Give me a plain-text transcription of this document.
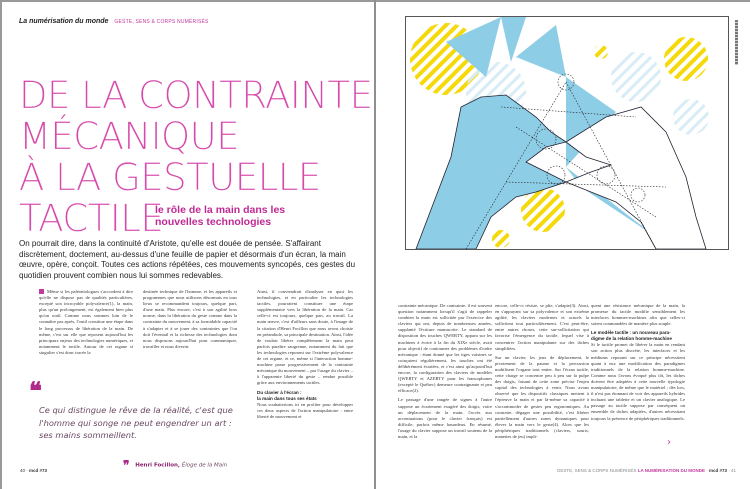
La numérisation du monde GESTE, SENS & CORPS NUMÉRISÉS
DE LA CONTRAINTE
MÉCANIQUE
À LA GESTUELLE
TACTILE
le rôle de la main dans les
nouvelles technologies
On pourrait dire, dans la continuité d'Aristote, qu'elle est douée de pensée. S'affairant discrètement, doctement, au-dessus d'une feuille de papier et désormais d'un écran, la main œuvre, opère, conçoit. Toutes ces actions répétées, ces mouvements syncopés, ces gestes du quotidien prouvent combien nous lui sommes redevables.

Même si les paléontologues s'accordent à dire qu'elle ne dispose pas de qualités particulières, excepté son incroyable polyvalence(1), la main, plus qu'un prolongement, est également bien plus qu'un outil. Comme nous sommes loin de le connaître pas après, l'outil constitue une étape dans le long processus de libération de la main. De même, c'est sur elle que reposent aujourd'hui les principaux enjeux des technologies numériques, et notamment le tactile. Autour de cet organe si singulier s'est donc tracée la

destinée technique de l'homme, et les appareils et programmes que nous utilisons désormais en tous lieux se recommandent toujours, quelque part, d'une main. Plus encore, c'est à son agilité hors norme, dans la libération du geste comme dans la contrainte du mouvement, à sa formidable capacité à s'adapter et à se jouer des contraintes que l'on doit l'éventail et la richesse des technologies dont nous disposons aujourd'hui pour communiquer, travailler et nous divertir.

Ainsi, il conviendrait d'analyser en quoi les technologies, et en particulier les technologies tactiles, pourraient constituer une étape supplémentaire vers la libération de la main. Car celle-ci est toujours, quelque part, au travail. La main œuvre, c'est d'ailleurs sans doute, à l'image de la citation d'Henri Focillon que nous avons choisie en préambule, sa principale destination. Ainsi, l'idée de vouloir libérer complètement la main peut parfois paraître saugrenue, notamment du fait que les technologies reposent sur l'extrême polyvalence de cet organe, et ce, même si l'interaction homme-machine passe progressivement de la contrainte mécanique du mouvement – par l'usage du clavier – à l'apparente liberté du geste – rendue possible grâce aux environnements tactiles.

Du clavier à l'écran :
la main dans tous ses états

Nous souhaiterions ici en profiter pour développer ces deux aspects de l'action manipulatoire : entre liberté de mouvement et

❝
Ce qui distingue le rêve de la réalité, c'est que l'homme qui songe ne peut engendrer un art : ses mains sommeillent.
❞ Henri Focillon, Éloge de la Main
40 · mcd #73

contrainte mécanique. De contrainte, il est souvent question notamment lorsqu'il s'agit de rappeler combien la main est sollicitée par l'exercice des claviers qui ont, depuis de nombreuses années, supplanté l'écriture manuscrite. Le standard de disposition des touches QWERTY, apparu sur les machines à écrire à la fin du XIXe siècle, avait pour objectif de contourner des problèmes d'ordre mécanique : étant donné que les tiges voisines se coinçaient régulièrement, les touches ont été délibérément écartées, et c'est ainsi qu'aujourd'hui encore, la configuration des claviers de modèles QWERTY et AZERTY pour les francophones (excepté le Québec) demeure contraignante et peu efficace(2).

Le passage d'une rangée de signes à l'autre suppose un écartement exagéré des doigts, voire un déplacement de la main, l'accès aux accentuations (pour le clavier français) est difficile, parfois même hasardeux. En résumé, l'usage du clavier suppose un travail soutenu de la main, et la

encore, celle-ci résiste, se plie, s'adapte(3). Ainsi, en s'appuyant sur sa polyvalence et son extrême agilité, les claviers modernes et actuels la sollicitent tout particulièrement. C'est peut-être, entre autres choses, cette sur-sollicitation qui favorise l'émergence du tactile, lequel vise à concentrer l'action manipulante sur des tâches simplifiées.

Sur un clavier, les jeux de déplacement, le pivotement de la paume et la percussion mobilisent l'organe tout entier. Sur l'écran tactile, cette charge se concentre peu à peu sur la pulpe des doigts, faisant de cette zone précise l'enjeu capital des technologies à venir. Nous avons observé que les dispositifs classiques mettent à l'épreuve la main et par là-même sa capacité à s'accommoder de gestes peu ergonomiques. Au contraire, dégager une possibilité, c'est libérer partiellement d'autres zones dynamiques pour élever la main vers le geste(4). Alors que les périphériques traditionnels (claviers, souris, manettes de jeu) impli-

quent une résistance mécanique de la main, la promesse du tactile modifie sensiblement les interfaces hommes-machines afin que celles-ci soient commandées de manière plus souple.

Le modèle tactile : un nouveau para-
digme de la relation homme-machine

Si le tactile promet de libérer la main en rendant son action plus discrète, les interfaces et les médiums reposant sur ce principe nécessitent quant à eux une modification des paradigmes traditionnels de la relation homme-machine. Comme nous l'avons évoqué plus tôt, les tâches doivent être adaptées à cette nouvelle typologie manipulatoire, de même que le matériel ; dès lors, il n'est pas étonnant de voir des appareils hybrides incluant une tablette et un clavier analogique. Le passage au tactile suppose par conséquent un ensemble de tâches adaptées, d'autres nécessitant toujours la présence de périphériques traditionnels.

›
GESTE, SENS & CORPS NUMÉRISÉS LA NUMÉRISATION DU MONDE · mcd #73 · 41
